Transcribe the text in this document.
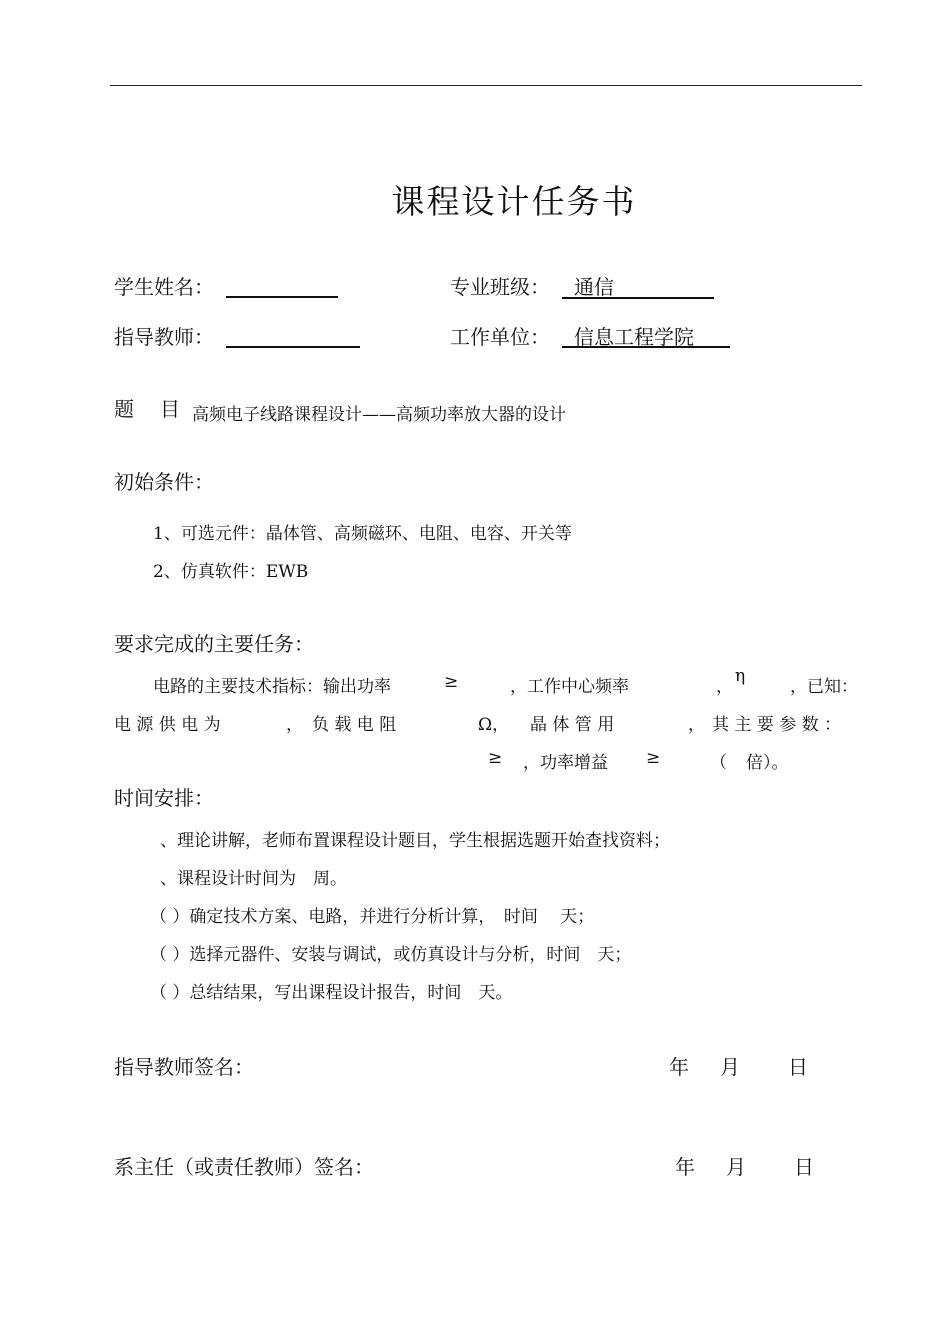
课程设计任务书
学生姓名：	专业班级： 通信
指导教师：	工作单位： 信息工程学院
题 目 高频电子线路课程设计——高频功率放大器的设计
初始条件：
1、可选元件：晶体管、高频磁环、电阻、电容、开关等
2、仿真软件：EWB
要求完成的主要任务：
电路的主要技术指标：输出功率	≥	，工作中心频率	，
η
，已知：
电 源 供 电 为	， 负 载 电 阻	Ω， 晶 体 管 用	， 其 主 要 参 数 ：
≥ ，功率增益 ≥	（ 倍）。
时间安排：
、理论讲解，老师布置课程设计题目，学生根据选题开始查找资料；
、课程设计时间为　周。
（ ）确定技术方案、电路，并进行分析计算，　时间　 天；
（ ）选择元器件、安装与调试，或仿真设计与分析，时间　天；
（ ）总结结果，写出课程设计报告，时间　天。
指导教师签名：	年 月 日
系主任（或责任教师）签名：	年 月 日
